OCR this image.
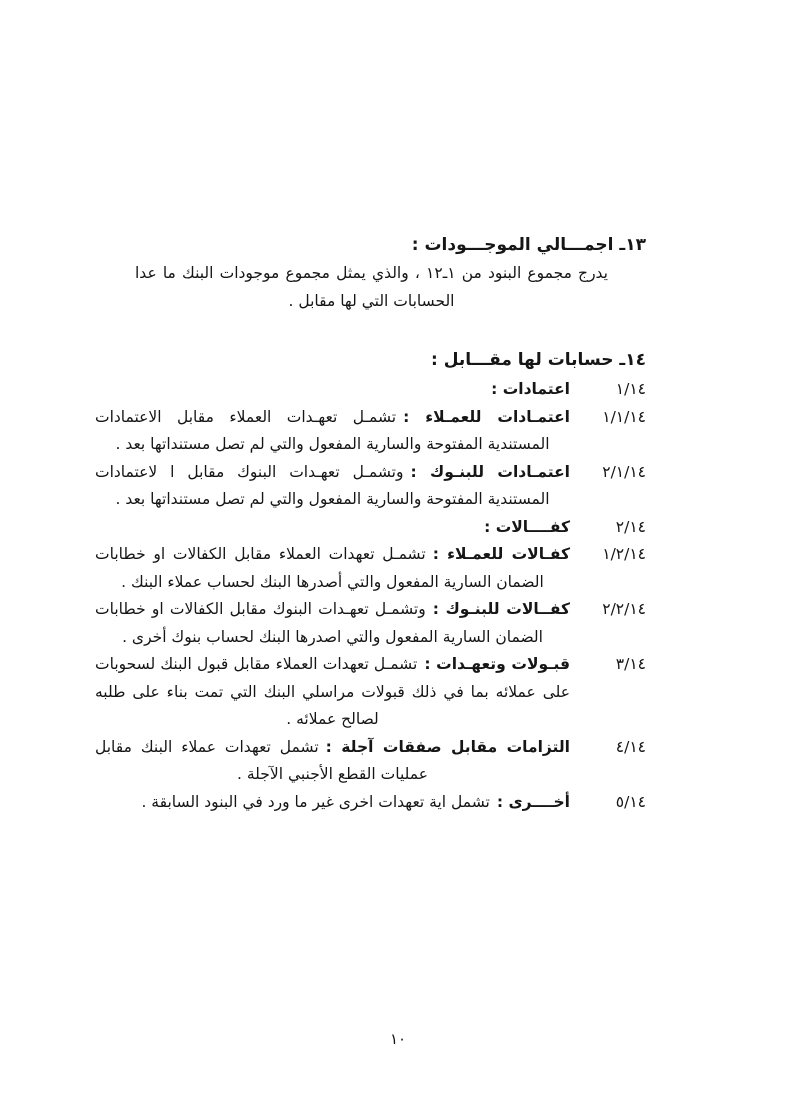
١٣ـ اجمـــالي الموجـــودات :

يدرج مجموع البنود من ١ـ١٢ ، والذي يمثل مجموع موجودات البنك ما عدا الحسابات التي لها مقابل .

١٤ـ حسابات لها مقـــابل :
١/١٤
اعتمادات :
١/١/١٤
اعتمـادات للعمـلاء :تشمـل تعهـدات العملاء مقابل الاعتمادات المستندية المفتوحة والسارية المفعول والتي لم تصل مستنداتها بعد .
٢/١/١٤
اعتمـادات للبنـوك :وتشمـل تعهـدات البنوك مقابل ا لاعتمادات المستندية المفتوحة والسارية المفعول والتي لم تصل مستنداتها بعد .
٢/١٤
كفــــالات :
١/٢/١٤
كفـالات للعمـلاء :تشمـل تعهدات العملاء مقابل الكفالات او خطابات الضمان السارية المفعول والتي أصدرها البنك لحساب عملاء البنك .
٢/٢/١٤
كفــالات للبنـوك :وتشمـل تعهـدات البنوك مقابل الكفالات او خطابات الضمان السارية المفعول والتي اصدرها البنك لحساب بنوك أخرى .
٣/١٤
قبـولات وتعهـدات :تشمـل تعهدات العملاء مقابل قبول البنك لسحوبات على عملائه بما في ذلك قبولات مراسلي البنك التي تمت بناء على طلبه لصالح عملائه .
٤/١٤
التزامات مقابل صفقات آجلة :تشمل تعهدات عملاء البنك مقابل عمليات القطع الأجنبي الآجلة .
٥/١٤
أخــــرى :تشمل اية تعهدات اخرى غير ما ورد في البنود السابقة .
١٠
